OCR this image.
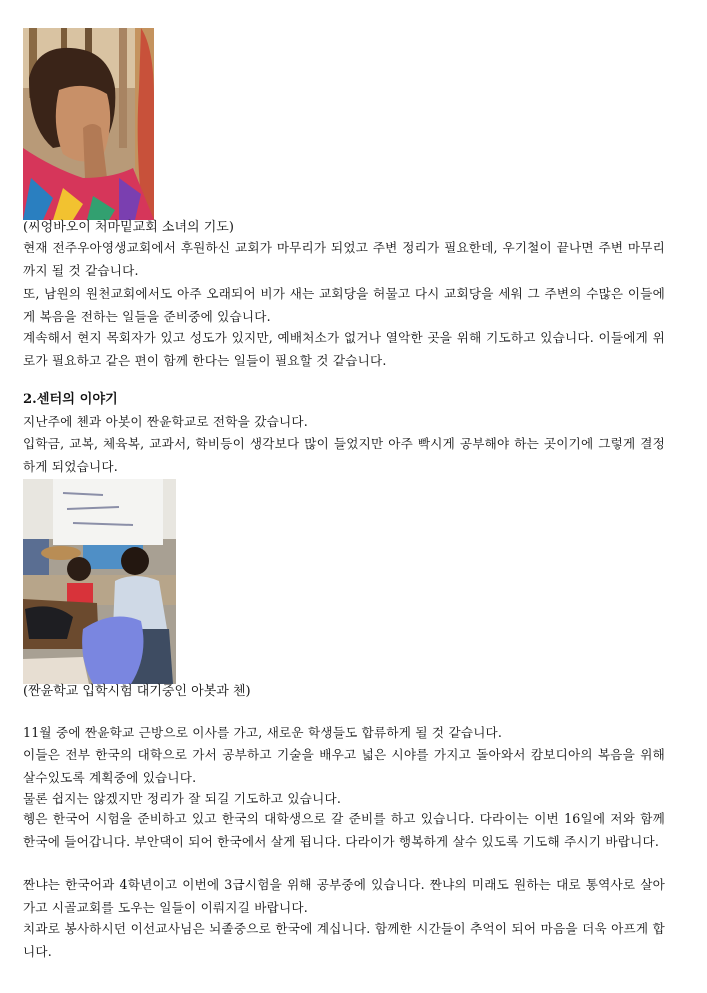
(씨엉바오이 처마밑교회 소녀의 기도)
현재 전주우아영생교회에서 후원하신 교회가 마무리가 되었고 주변 정리가 필요한데, 우기철이 끝나면 주변 마무리까지 될 것 같습니다.
또, 남원의 원천교회에서도 아주 오래되어 비가 새는 교회당을 허물고 다시 교회당을 세워 그 주변의 수많은 이들에게 복음을 전하는 일들을 준비중에 있습니다.
계속해서 현지 목회자가 있고 성도가 있지만, 예배처소가 없거나 열악한 곳을 위해 기도하고 있습니다. 이들에게 위로가 필요하고 같은 편이 함께 한다는 일들이 필요할 것 같습니다.
2.센터의 이야기
지난주에 첸과 아봇이 짠윤학교로 전학을 갔습니다.
입학금, 교복, 체육복, 교과서, 학비등이 생각보다 많이 들었지만 아주 빡시게 공부해야 하는 곳이기에 그렇게 결정하게 되었습니다.
(짠윤학교 입학시험 대기중인 아봇과 첸)
11월 중에 짠윤학교 근방으로 이사를 가고, 새로운 학생들도 합류하게 될 것 같습니다.
이들은 전부 한국의 대학으로 가서 공부하고 기술을 배우고 넓은 시야를 가지고 돌아와서 캄보디아의 복음을 위해 살수있도록 계획중에 있습니다.
물론 쉽지는 않겠지만 정리가 잘 되길 기도하고 있습니다.
헹은 한국어 시험을 준비하고 있고 한국의 대학생으로 갈 준비를 하고 있습니다. 다라이는 이번 16일에 저와 함께 한국에 들어갑니다. 부안댁이 되어 한국에서 살게 됩니다. 다라이가 행복하게 살수 있도록 기도해 주시기 바랍니다.
짠냐는 한국어과 4학년이고 이번에 3급시험을 위해 공부중에 있습니다. 짠냐의 미래도 원하는 대로 통역사로 살아가고 시골교회를 도우는 일들이 이뤄지길 바랍니다.
치과로 봉사하시던 이선교사님은 뇌졸중으로 한국에 계십니다. 함께한 시간들이 추억이 되어 마음을 더욱 아프게 합니다.
